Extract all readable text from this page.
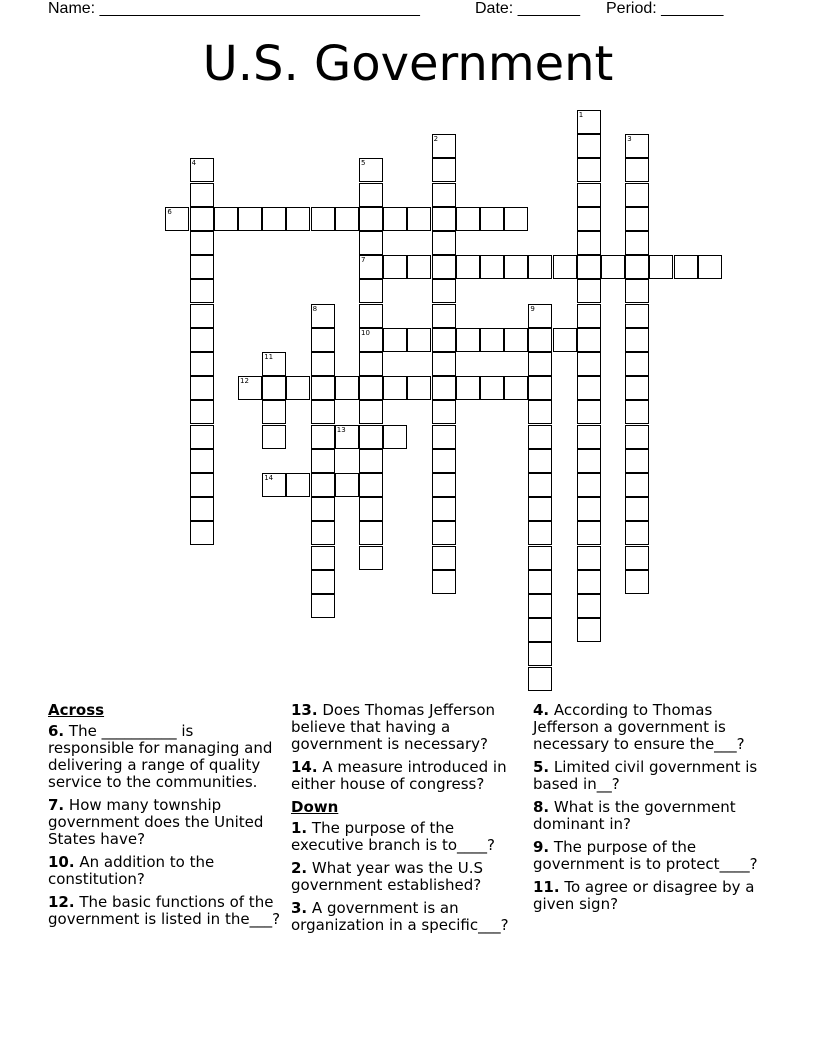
Name: ____________________________________	Date: _______ Period: _______
U.S. Government
1
2	3
4	5
7
10
6
8	9
11
12
13
14
Across
6. The __________ is responsible for managing and delivering a range of quality service to the communities.
7. How many township government does the United States have?
10. An addition to the constitution?
12. The basic functions of the government is listed in the___?
13. Does Thomas Jefferson believe that having a government is necessary?
14. A measure introduced in either house of congress?
Down
1. The purpose of the executive branch is to____?
2. What year was the U.S government established?
3. A government is an organization in a specific___?
4. According to Thomas Jefferson a government is necessary to ensure the___?
5. Limited civil government is based in__?
8. What is the government dominant in?
9. The purpose of the government is to protect____?
11. To agree or disagree by a given sign?
